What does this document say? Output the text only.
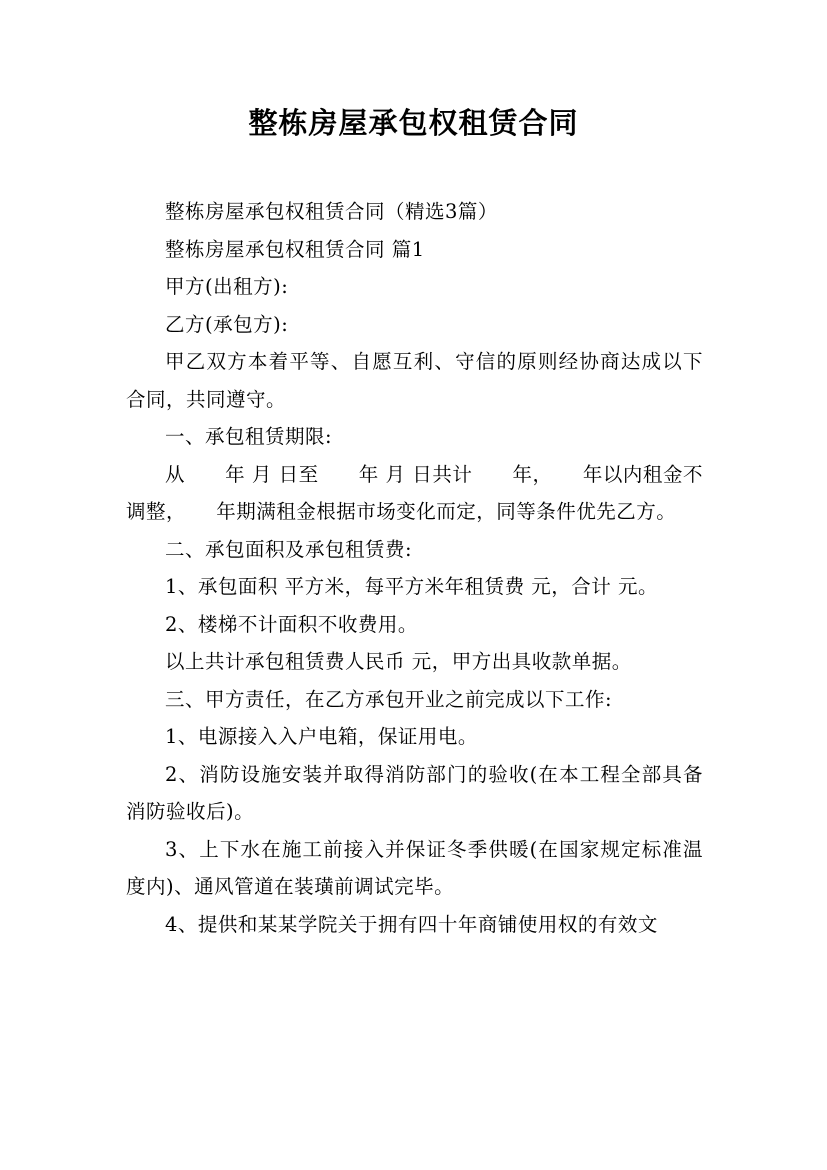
整栋房屋承包权租赁合同

整栋房屋承包权租赁合同（精选3篇）

整栋房屋承包权租赁合同 篇1

甲方(出租方):

乙方(承包方):

甲乙双方本着平等、自愿互利、守信的原则经协商达成以下合同，共同遵守。

一、承包租赁期限:

从　　年 月 日至　　年 月 日共计　　年，　　年以内租金不调整，　　年期满租金根据市场变化而定，同等条件优先乙方。

二、承包面积及承包租赁费:

1、承包面积 平方米，每平方米年租赁费 元，合计 元。

2、楼梯不计面积不收费用。

以上共计承包租赁费人民币 元，甲方出具收款单据。

三、甲方责任，在乙方承包开业之前完成以下工作:

1、电源接入入户电箱，保证用电。

2、消防设施安装并取得消防部门的验收(在本工程全部具备消防验收后)。

3、上下水在施工前接入并保证冬季供暖(在国家规定标准温度内)、通风管道在装璜前调试完毕。

4、提供和某某学院关于拥有四十年商铺使用权的有效文
